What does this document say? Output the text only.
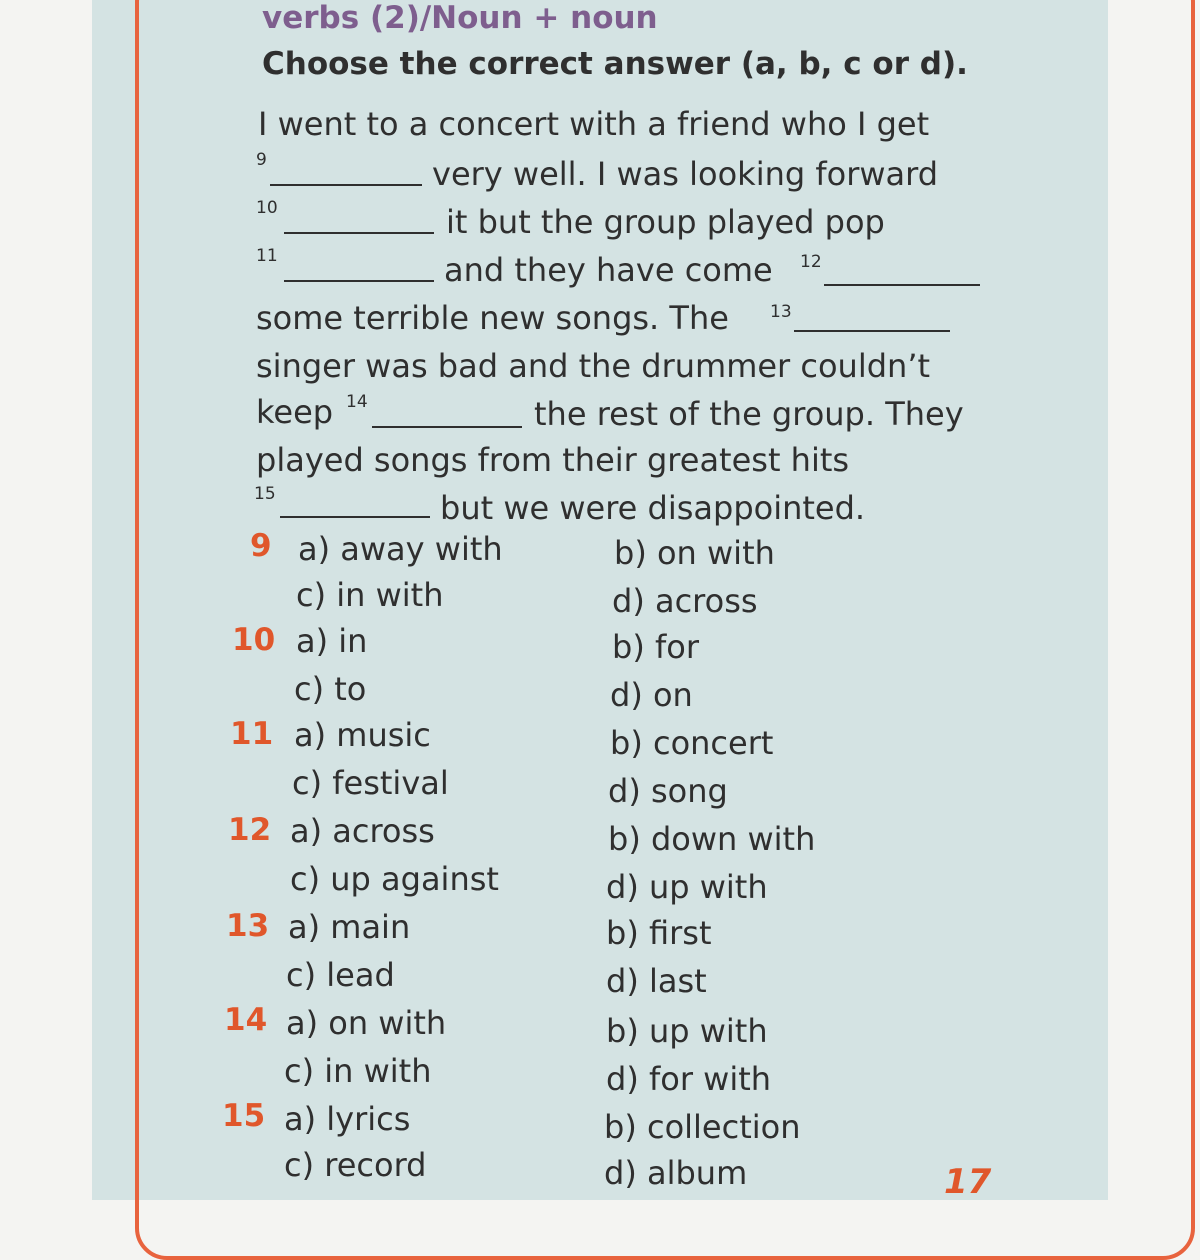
verbs (2)/Noun + noun
Choose the correct answer (a, b, c or d).
I went to a concert with a friend who I get
9	very well. I was looking forward
10	it but the group played pop
11	and they have come 12
some terrible new songs. The 13
singer was bad and the drummer couldn’t
keep 14	the rest of the group. They
played songs from their greatest hits
15	but we were disappointed.
9 a) away with	b) on with
c) in with	d) across
10 a) in	b) for
c) to	d) on
11 a) music	b) concert
c) festival	d) song
12 a) across	b) down with
c) up against	d) up with
13 a) main	b) first
c) lead	d) last
14 a) on with	b) up with
c) in with	d) for with
15 a) lyrics	b) collection
c) record	d) album	17
